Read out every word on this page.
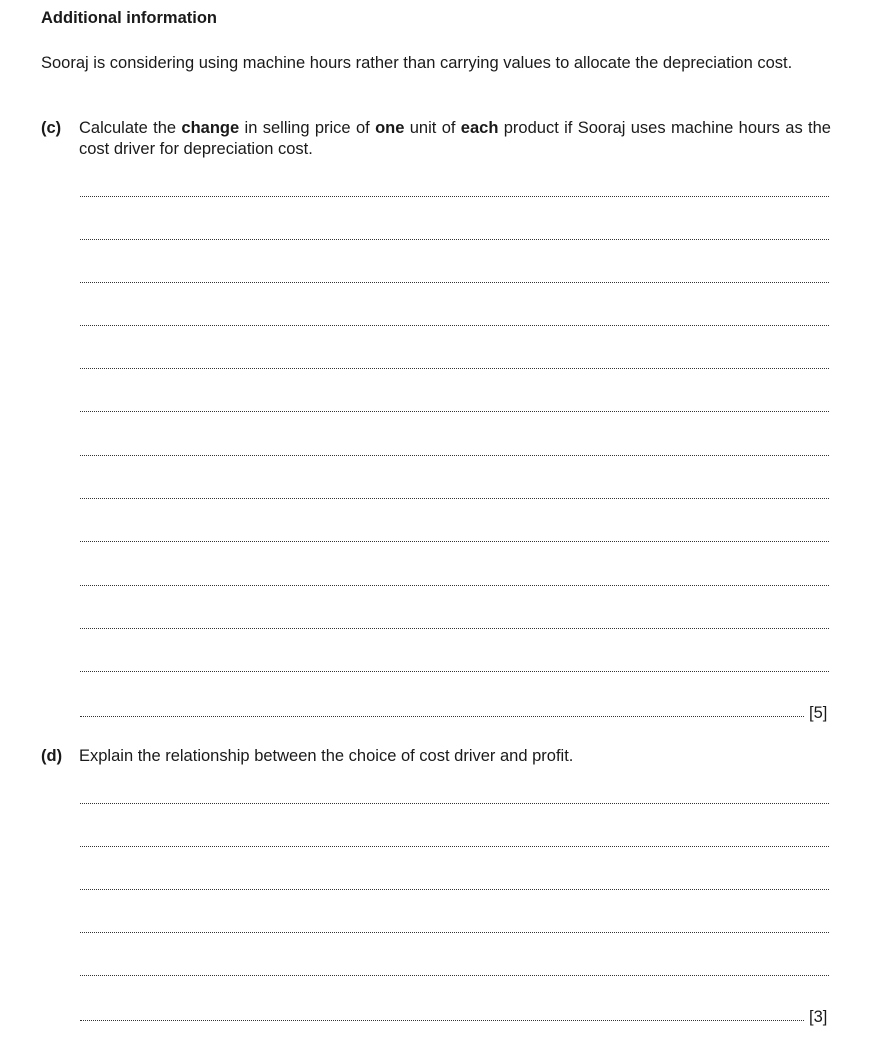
Additional information
Sooraj is considering using machine hours rather than carrying values to allocate the depreciation cost.
(c) Calculate the change in selling price of one unit of each product if Sooraj uses machine hours as the cost driver for depreciation cost.
[5]
(d) Explain the relationship between the choice of cost driver and profit.
[3]
